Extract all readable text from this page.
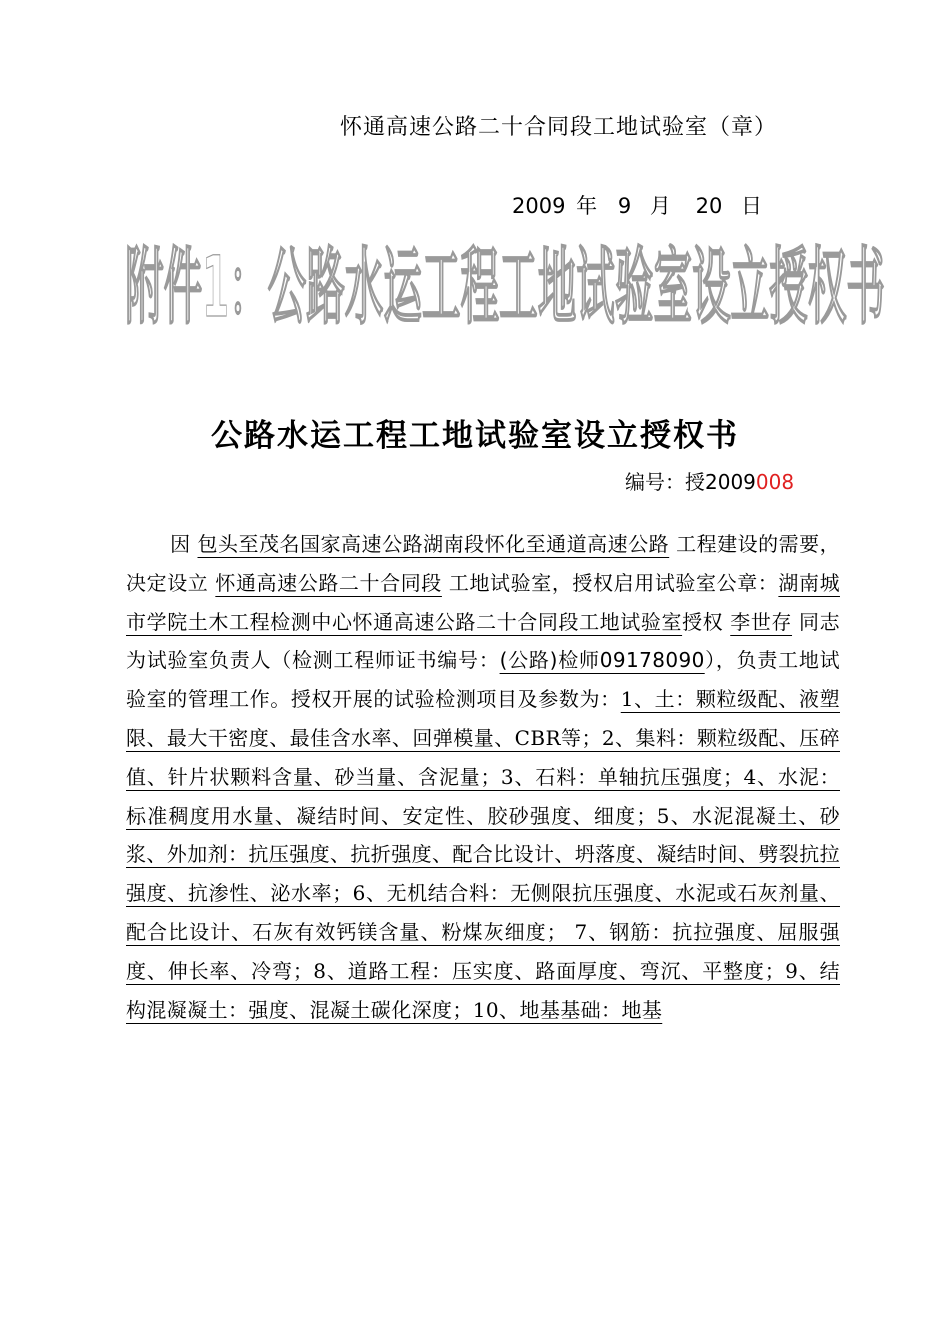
怀通高速公路二十合同段工地试验室（章）
2009 年 9 月 20 日
附件1：公路水运工程工地试验室设立授权书
公路水运工程工地试验室设立授权书
编号：授2009008
因 包头至茂名国家高速公路湖南段怀化至通道高速公路 工程建设的需要，决定设立 怀通高速公路二十合同段 工地试验室，授权启用试验室公章：湖南城市学院土木工程检测中心怀通高速公路二十合同段工地试验室授权 李世存 同志为试验室负责人（检测工程师证书编号：(公路)检师09178090），负责工地试验室的管理工作。授权开展的试验检测项目及参数为：1、土：颗粒级配、液塑限、最大干密度、最佳含水率、回弹模量、CBR等；2、集料：颗粒级配、压碎值、针片状颗料含量、砂当量、含泥量；3、石料：单轴抗压强度；4、水泥：标准稠度用水量、凝结时间、安定性、胶砂强度、细度；5、水泥混凝土、砂浆、外加剂：抗压强度、抗折强度、配合比设计、坍落度、凝结时间、劈裂抗拉强度、抗渗性、泌水率；6、无机结合料：无侧限抗压强度、水泥或石灰剂量、配合比设计、石灰有效钙镁含量、粉煤灰细度； 7、钢筋：抗拉强度、屈服强度、伸长率、冷弯；8、道路工程：压实度、路面厚度、弯沉、平整度；9、结构混凝凝土：强度、混凝土碳化深度；10、地基基础：地基
